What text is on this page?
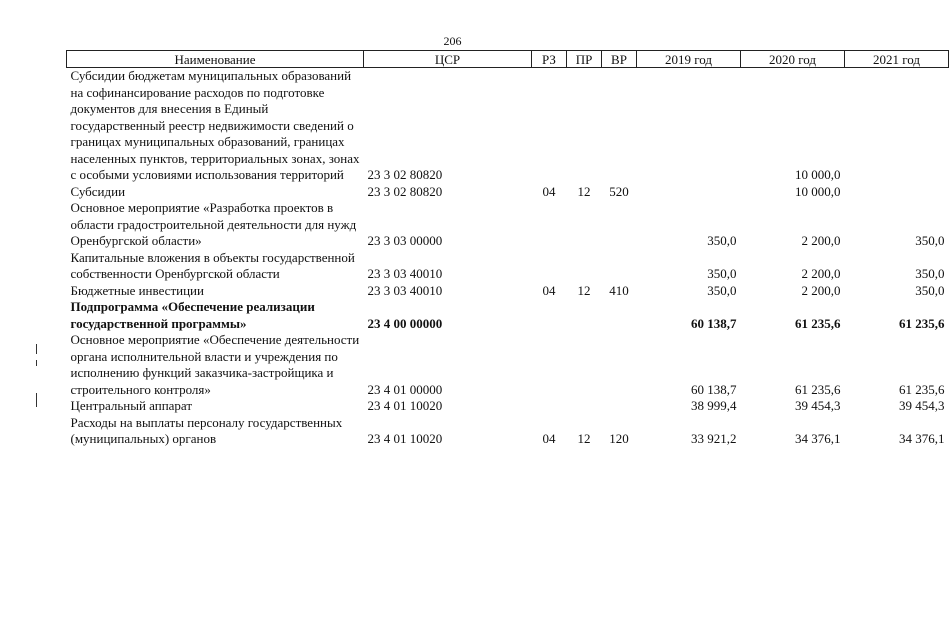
206
Наименование	ЦСР	РЗ	ПР	ВР	2019 год	2020 год	2021 год
Субсидии бюджетам муниципальных образований на софинансирование расходов по подготовке документов для внесения в Единый государственный реестр недвижимости сведений о границах муниципальных образований, границах населенных пунктов, территориальных зонах, зонах с особыми условиями использования территорий	23 3 02 80820					10 000,0	
Субсидии	23 3 02 80820	04	12	520		10 000,0	
Основное мероприятие «Разработка проектов в области градостроительной деятельности для нужд Оренбургской области»	23 3 03 00000				350,0	2 200,0	350,0
Капитальные вложения в объекты государственной собственности Оренбургской области	23 3 03 40010				350,0	2 200,0	350,0
Бюджетные инвестиции	23 3 03 40010	04	12	410	350,0	2 200,0	350,0
Подпрограмма «Обеспечение реализации государственной программы»	23 4 00 00000				60 138,7	61 235,6	61 235,6
Основное мероприятие «Обеспечение деятельности органа исполнительной власти и учреждения по исполнению функций заказчика-застройщика и строительного контроля»	23 4 01 00000				60 138,7	61 235,6	61 235,6
Центральный аппарат	23 4 01 10020				38 999,4	39 454,3	39 454,3
Расходы на выплаты персоналу государственных (муниципальных) органов	23 4 01 10020	04	12	120	33 921,2	34 376,1	34 376,1
